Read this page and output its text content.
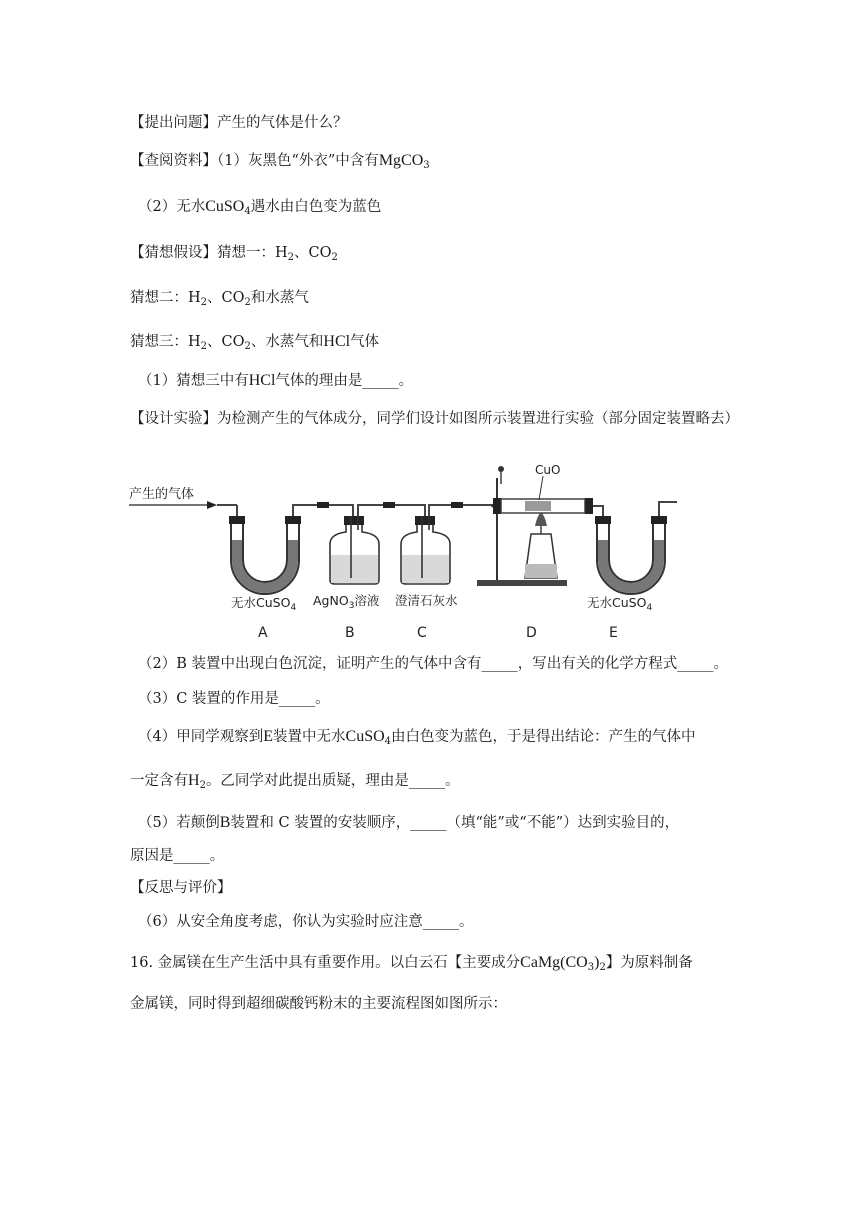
【提出问题】产生的气体是什么？
【查阅资料】（1）灰黑色“外衣”中含有MgCO$_3$
（2）无水CuSO$_4$遇水由白色变为蓝色
【猜想假设】猜想一：$H_2$、$CO_2$
猜想二：$H_2$、$CO_2$和水蒸气
猜想三：$H_2$、$CO_2$、水蒸气和HCl气体
（1）猜想三中有HCl气体的理由是_____。
【设计实验】为检测产生的气体成分，同学们设计如图所示装置进行实验（部分固定装置略去）
产生的气体
CuO
无水CuSO$_4$ AgNO$_3$溶液 澄清石灰水	无水CuSO$_4$
A	B	C	D	E
（2）B 装置中出现白色沉淀，证明产生的气体中含有_____，写出有关的化学方程式_____。
（3）C 装置的作用是_____。
（4）甲同学观察到E装置中无水CuSO$_4$由白色变为蓝色，于是得出结论：产生的气体中
一定含有$H_2$。乙同学对此提出质疑，理由是_____。
（5）若颠倒B装置和 C 装置的安装顺序，_____（填“能”或“不能”）达到实验目的，
原因是_____。
【反思与评价】
（6）从安全角度考虑，你认为实验时应注意_____。
16. 金属镁在生产生活中具有重要作用。以白云石【主要成分$CaMg(CO_3)_2$】为原料制备
金属镁，同时得到超细碳酸钙粉末的主要流程图如图所示：
